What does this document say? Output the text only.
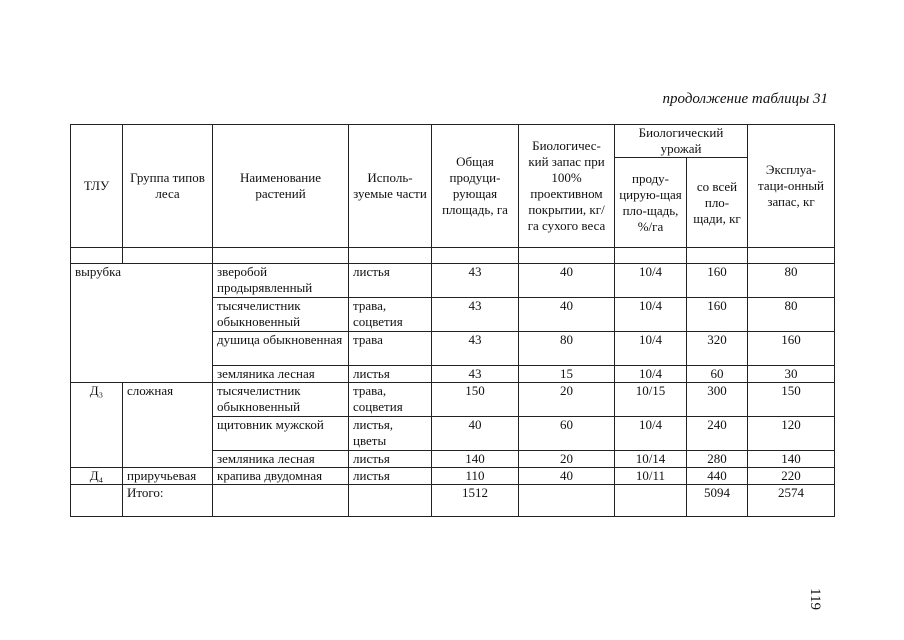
продолжение таблицы 31
ТЛУ	Группа типов леса	Наименование растений	Исполь-зуемые части	Общая продуци-рующая площадь, га	Биологичес-кий запас при 100% проективном покрытии, кг/га сухого веса	Биологический урожай		Эксплуа-таци-онный запас, кг
						проду-цирую-щая пло-щадь, %/га	со всей пло-щади, кг	

вырубка		зверобой продырявленный	листья	43	40	10/4	160	80
		тысячелистник обыкновенный	трава, соцветия	43	40	10/4	160	80
		душица обыкновенная	трава	43	80	10/4	320	160
		земляника лесная	листья	43	15	10/4	60	30
Д₃	сложная	тысячелистник обыкновенный	трава, соцветия	150	20	10/15	300	150
		щитовник мужской	листья, цветы	40	60	10/4	240	120
		земляника лесная	листья	140	20	10/14	280	140
Д₄	приручьевая	крапива двудомная	листья	110	40	10/11	440	220
	Итого:			1512			5094	2574
119
